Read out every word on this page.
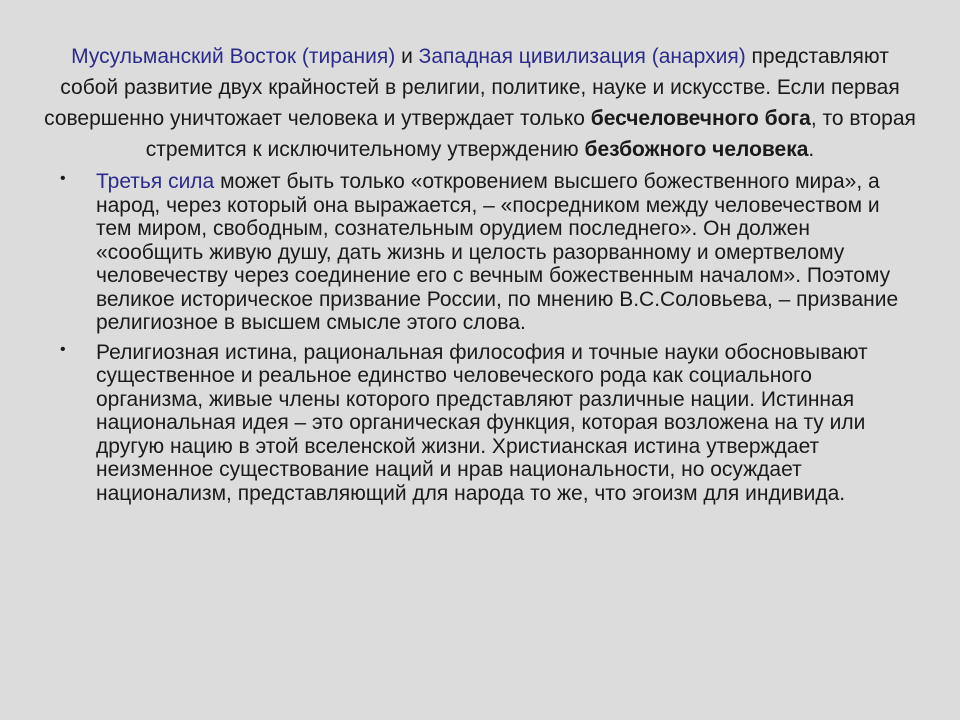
Мусульманский Восток (тирания) и Западная цивилизация (анархия) представляют собой развитие двух крайностей в религии, политике, науке и искусстве. Если первая совершенно уничтожает человека и утверждает только бесчеловечного бога, то вторая стремится к исключительному утверждению безбожного человека.

• Третья сила может быть только «откровением высшего божественного мира», а народ, через который она выражается, – «посредником между человечеством и тем миром, свободным, сознательным орудием последнего». Он должен «сообщить живую душу, дать жизнь и целость разорванному и омертвелому человечеству через соединение его с вечным божественным началом». Поэтому великое историческое призвание России, по мнению В.С.Соловьева, – призвание религиозное в высшем смысле этого слова.
• Религиозная истина, рациональная философия и точные науки обосновывают существенное и реальное единство человеческого рода как социального организма, живые члены которого представляют различные нации. Истинная национальная идея – это органическая функция, которая возложена на ту или другую нацию в этой вселенской жизни. Христианская истина утверждает неизменное существование наций и нрав национальности, но осуждает национализм, представляющий для народа то же, что эгоизм для индивида.
